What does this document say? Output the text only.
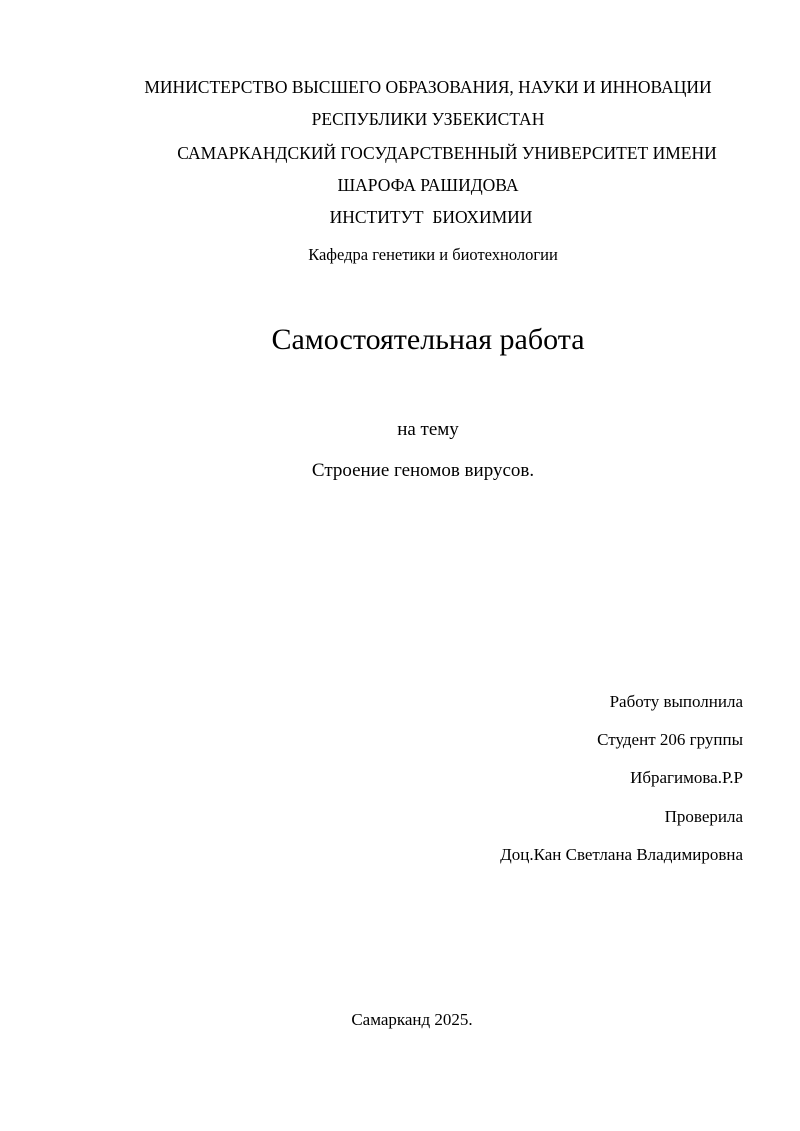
МИНИСТЕРСТВО ВЫСШЕГО ОБРАЗОВАНИЯ, НАУКИ И ИННОВАЦИИ
РЕСПУБЛИКИ УЗБЕКИСТАН
САМАРКАНДСКИЙ ГОСУДАРСТВЕННЫЙ УНИВЕРСИТЕТ ИМЕНИ
ШАРОФА РАШИДОВА
ИНСТИТУТ  БИОХИМИИ
Кафедра генетики и биотехнологии
Самостоятельная работа
на тему
Строение геномов вирусов.
Работу выполнила
Студент 206 группы
Ибрагимова.Р.Р
Проверила
Доц.Кан Светлана Владимировна
Самарканд 2025.
